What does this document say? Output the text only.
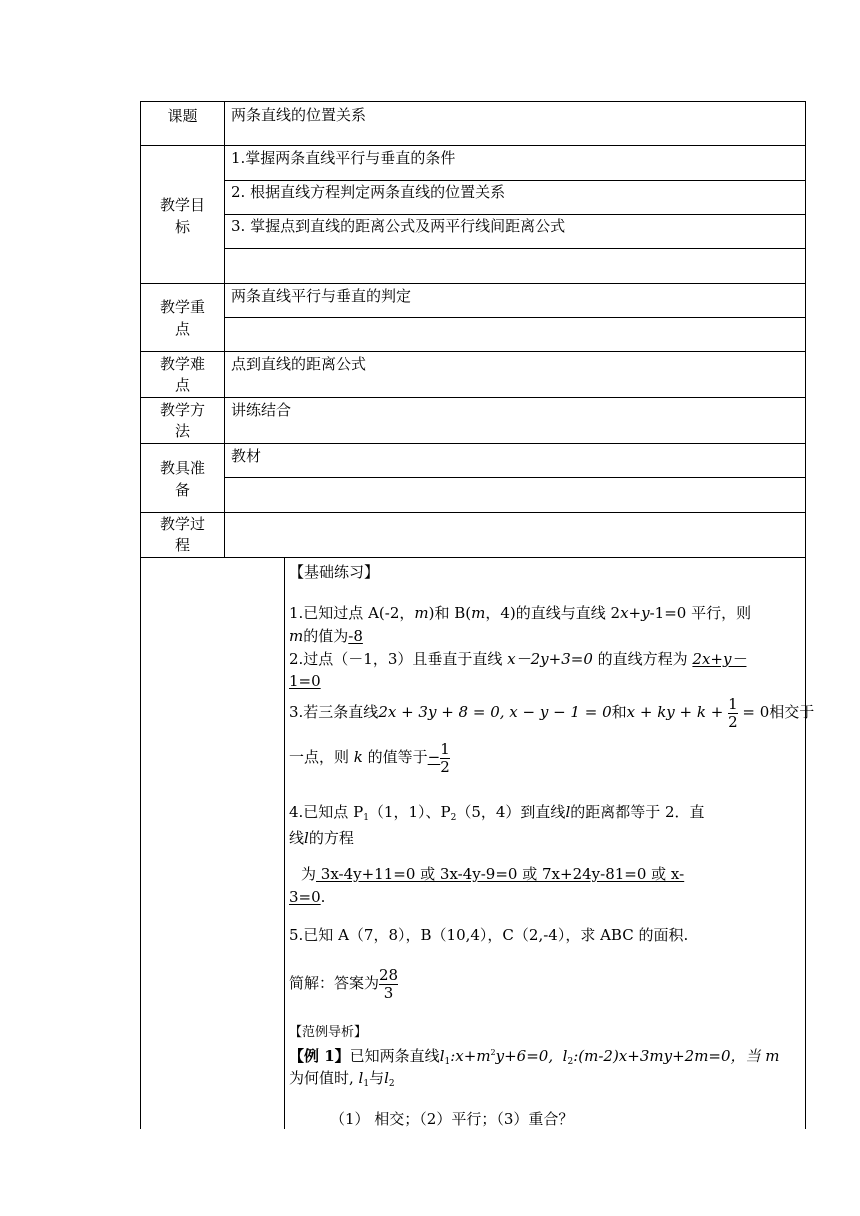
课题
教学目
标
教学重
点
教学难
点
教学方
法
教具准
备
教学过
程
两条直线的位置关系
1.掌握两条直线平行与垂直的条件
2. 根据直线方程判定两条直线的位置关系
3. 掌握点到直线的距离公式及两平行线间距离公式
两条直线平行与垂直的判定
点到直线的距离公式
讲练结合
教材
【基础练习】
1.已知过点 A(-2，m)和 B(m，4)的直线与直线 2x+y-1=0 平行，则
m的值为-8
2.过点（－1，3）且垂直于直线 x－2y+3=0 的直线方程为 2x+y－
1=0
3.若三条直线2x + 3y + 8 = 0, x − y − 1 = 0和x + ky + $k + \frac{1}{2} = 0$相交于
一点，则 k 的值等于− $\frac{1}{2}$
4.已知点 $P_1(1$，1）、$P_2(5$，4）到直线l的距离都等于 2．直
线l的方程
为 3x-4y+11=0 或 3x-4y-9=0 或 7x+24y-81=0 或 x-
3=0.
5.已知 A（7，8），B（10,4），C（2,-4），求 ABC 的面积.
简解：答案为 $\frac{28}{3}$
【范例导析】
【例 1】已知两条直线$l_1:x+m^2y+6=0$, $l_2:(m-2)x+3my+2m=0$，当 m
为何值时, $l_1$与$l_2$
（1） 相交；（2）平行；（3）重合？
